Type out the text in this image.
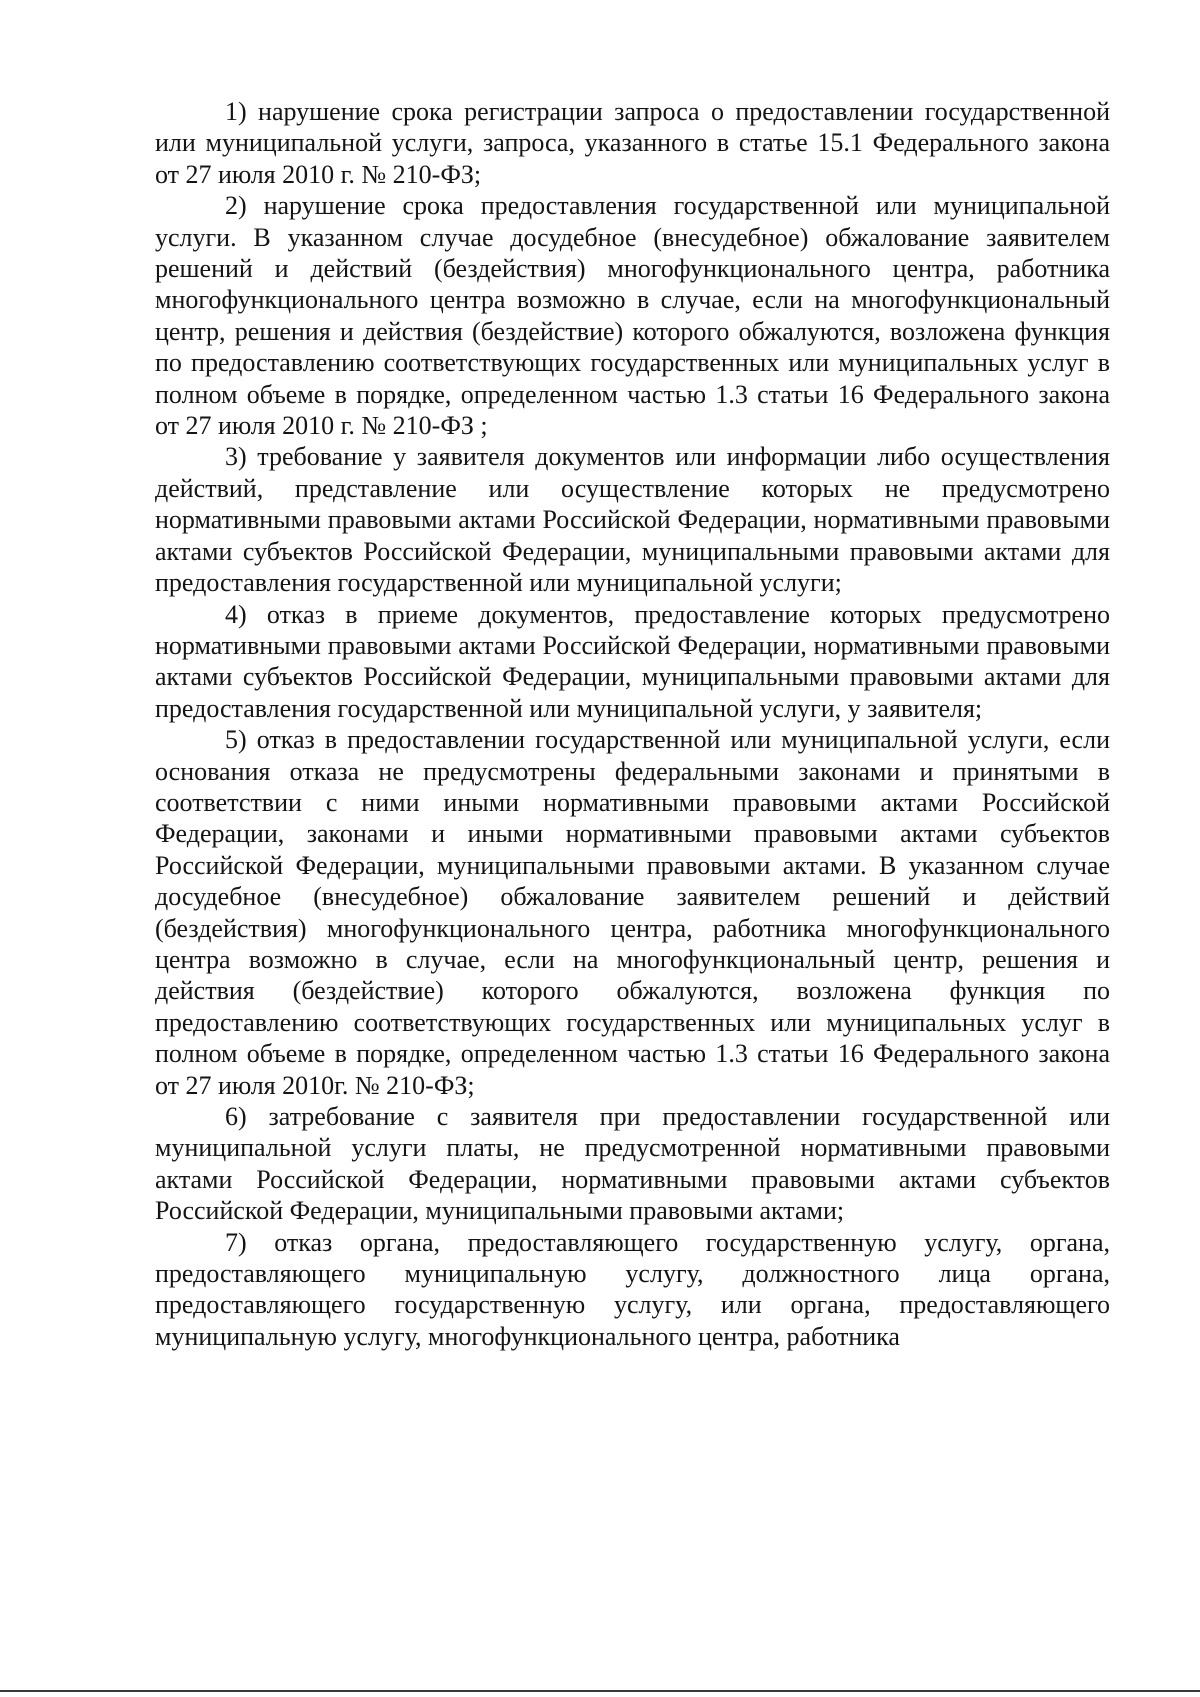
1) нарушение срока регистрации запроса о предоставлении государственной или муниципальной услуги, запроса, указанного в статье 15.1 Федерального закона от 27 июля 2010 г. № 210-ФЗ;

2) нарушение срока предоставления государственной или муниципальной услуги. В указанном случае досудебное (внесудебное) обжалование заявителем решений и действий (бездействия) многофункционального центра, работника многофункционального центра возможно в случае, если на многофункциональный центр, решения и действия (бездействие) которого обжалуются, возложена функция по предоставлению соответствующих государственных или муниципальных услуг в полном объеме в порядке, определенном частью 1.3 статьи 16 Федерального закона от 27 июля 2010 г. № 210-ФЗ ;

3) требование у заявителя документов или информации либо осуществления действий, представление или осуществление которых не предусмотрено нормативными правовыми актами Российской Федерации, нормативными правовыми актами субъектов Российской Федерации, муниципальными правовыми актами для предоставления государственной или муниципальной услуги;

4) отказ в приеме документов, предоставление которых предусмотрено нормативными правовыми актами Российской Федерации, нормативными правовыми актами субъектов Российской Федерации, муниципальными правовыми актами для предоставления государственной или муниципальной услуги, у заявителя;

5) отказ в предоставлении государственной или муниципальной услуги, если основания отказа не предусмотрены федеральными законами и принятыми в соответствии с ними иными нормативными правовыми актами Российской Федерации, законами и иными нормативными правовыми актами субъектов Российской Федерации, муниципальными правовыми актами. В указанном случае досудебное (внесудебное) обжалование заявителем решений и действий (бездействия) многофункционального центра, работника многофункционального центра возможно в случае, если на многофункциональный центр, решения и действия (бездействие) которого обжалуются, возложена функция по предоставлению соответствующих государственных или муниципальных услуг в полном объеме в порядке, определенном частью 1.3 статьи 16 Федерального закона от 27 июля 2010г. № 210-ФЗ;

6) затребование с заявителя при предоставлении государственной или муниципальной услуги платы, не предусмотренной нормативными правовыми актами Российской Федерации, нормативными правовыми актами субъектов Российской Федерации, муниципальными правовыми актами;

7) отказ органа, предоставляющего государственную услугу, органа, предоставляющего муниципальную услугу, должностного лица органа, предоставляющего государственную услугу, или органа, предоставляющего муниципальную услугу, многофункционального центра, работника
